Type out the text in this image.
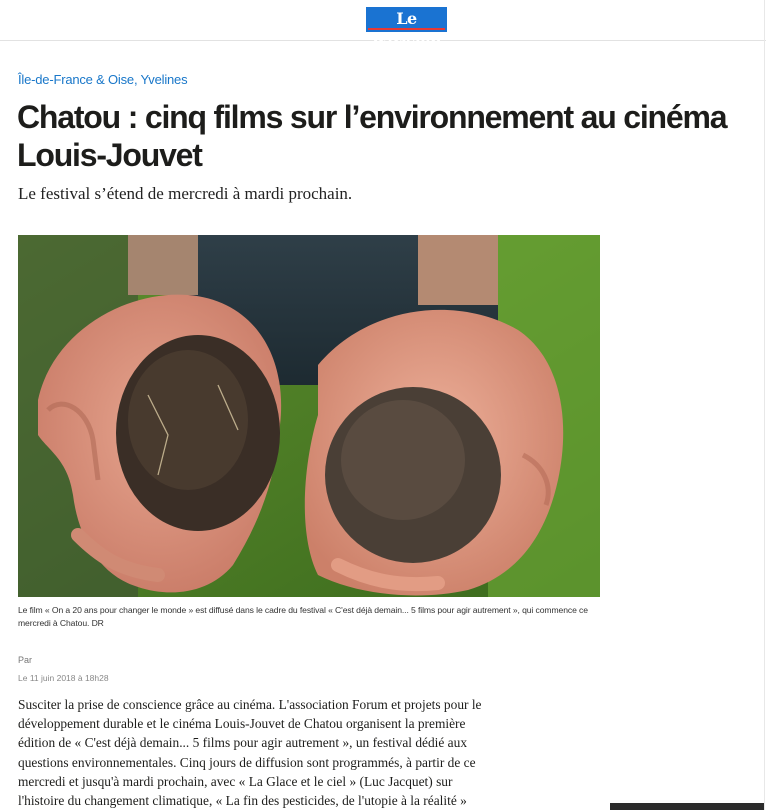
Le Parisien
Île-de-France & Oise, Yvelines
Chatou : cinq films sur l’environnement au cinéma Louis-Jouvet

Le festival s’étend de mercredi à mardi prochain.

Le film « On a 20 ans pour changer le monde » est diffusé dans le cadre du festival « C'est déjà demain... 5 films pour agir autrement », qui commence ce mercredi à Chatou. DR
Par
Le 11 juin 2018 à 18h28
Susciter la prise de conscience grâce au cinéma. L'association Forum et projets pour le
développement durable et le cinéma Louis-Jouvet de Chatou organisent la première
édition de « C'est déjà demain... 5 films pour agir autrement », un festival dédié aux
questions environnementales. Cinq jours de diffusion sont programmés, à partir de ce
mercredi et jusqu'à mardi prochain, avec « La Glace et le ciel » (Luc Jacquet) sur
l'histoire du changement climatique, « La fin des pesticides, de l'utopie à la réalité »
